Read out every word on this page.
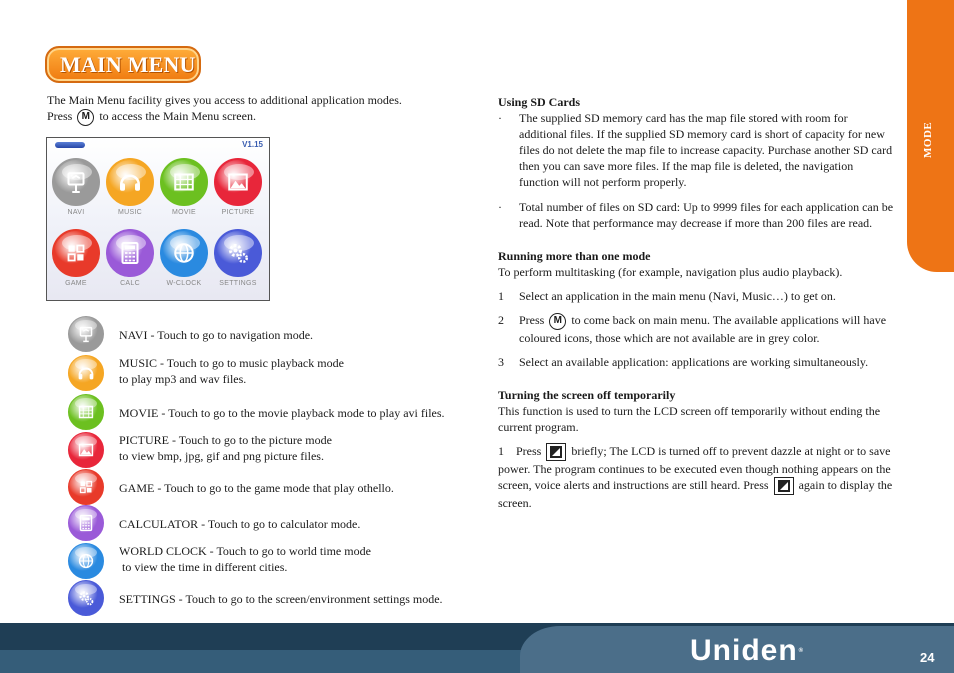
MAIN MENU
The Main Menu facility gives you access to additional application modes.
Press M to access the Main Menu screen.
V1.15
NAVI	MUSIC	MOVIE	PICTURE
GAME	CALC	W-CLOCK	SETTINGS
NAVI - Touch to go to navigation mode.
MUSIC - Touch to go to music playback mode
to play mp3 and wav files.
MOVIE - Touch to go to the movie playback mode to play avi files.
PICTURE - Touch to go to the picture mode
to view bmp, jpg, gif and png picture files.
GAME - Touch to go to the game mode that play othello.
CALCULATOR - Touch to go to calculator mode.
WORLD CLOCK - Touch to go to world time mode
to view the time in different cities.
SETTINGS - Touch to go to the screen/environment settings mode.
Using SD Cards
·	The supplied SD memory card has the map file stored with room for additional files. If the supplied SD memory card is short of capacity for new files do not delete the map file to increase capacity. Purchase another SD card then you can save more files. If the map file is deleted, the navigation function will not perform properly.
·	Total number of files on SD card: Up to 9999 files for each application can be read. Note that performance may decrease if more than 200 files are read.
Running more than one mode
To perform multitasking (for example, navigation plus audio playback).
1	Select an application in the main menu (Navi, Music…) to get on.
2	Press M to come back on main menu. The available applications will have coloured icons, those which are not available are in grey color.
3	Select an available application: applications are working simultaneously.
Turning the screen off temporarily
This function is used to turn the LCD screen off temporarily without ending the current program.
1 Press	briefly; The LCD is turned off to prevent dazzle at night or to save power. The program continues to be executed even though nothing appears on the screen, voice alerts and instructions are still heard. Press	again to display the screen.
MODE
Uniden®	24
